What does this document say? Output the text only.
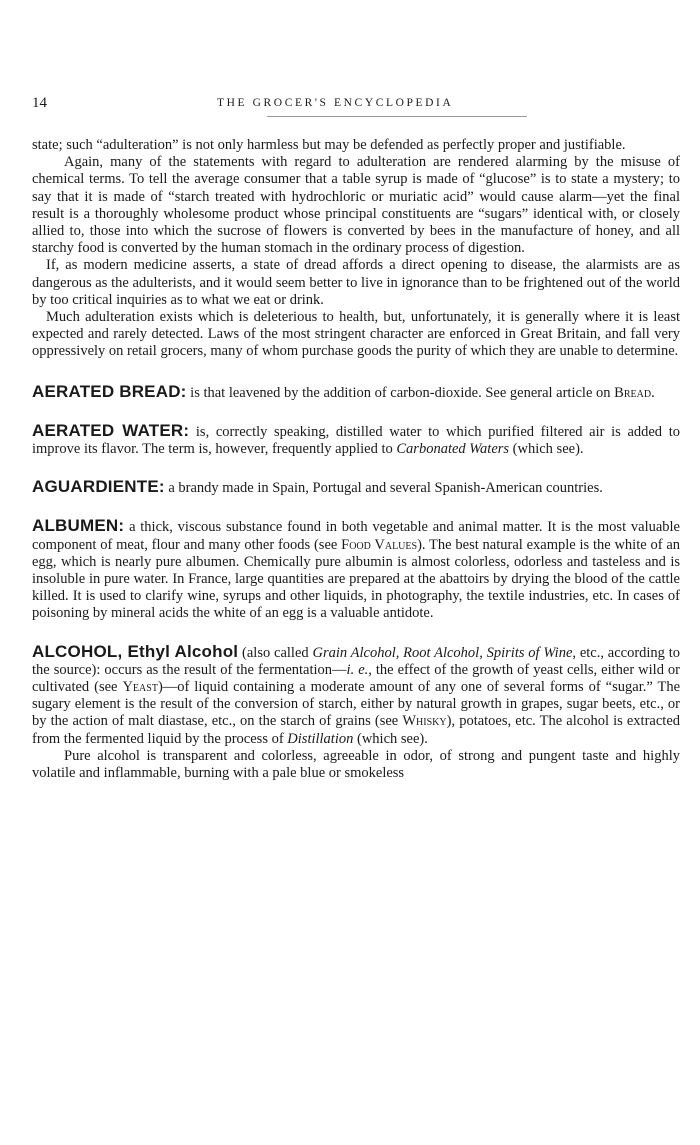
14	THE GROCER'S ENCYCLOPEDIA

state; such “adulteration” is not only harmless but may be defended as perfectly proper and justifiable.

Again, many of the statements with regard to adulteration are rendered alarming by the misuse of chemical terms. To tell the average consumer that a table syrup is made of “glucose” is to state a mystery; to say that it is made of “starch treated with hydrochloric or muriatic acid” would cause alarm—yet the final result is a thoroughly wholesome product whose principal constituents are “sugars” identical with, or closely allied to, those into which the sucrose of flowers is converted by bees in the manufacture of honey, and all starchy food is converted by the human stomach in the ordinary process of digestion.

If, as modern medicine asserts, a state of dread affords a direct opening to disease, the alarmists are as dangerous as the adulterists, and it would seem better to live in ignorance than to be frightened out of the world by too critical inquiries as to what we eat or drink.

Much adulteration exists which is deleterious to health, but, unfortunately, it is generally where it is least expected and rarely detected. Laws of the most stringent character are enforced in Great Britain, and fall very oppressively on retail grocers, many of whom purchase goods the purity of which they are unable to determine.

AERATED BREAD: is that leavened by the addition of carbon-dioxide. See general article on Bread.

AERATED WATER: is, correctly speaking, distilled water to which purified filtered air is added to improve its flavor. The term is, however, frequently applied to Carbonated Waters (which see).

AGUARDIENTE: a brandy made in Spain, Portugal and several Spanish-American countries.

ALBUMEN: a thick, viscous substance found in both vegetable and animal matter. It is the most valuable component of meat, flour and many other foods (see Food Values). The best natural example is the white of an egg, which is nearly pure albumen. Chemically pure albumin is almost colorless, odorless and tasteless and is insoluble in pure water. In France, large quantities are prepared at the abattoirs by drying the blood of the cattle killed. It is used to clarify wine, syrups and other liquids, in photography, the textile industries, etc. In cases of poisoning by mineral acids the white of an egg is a valuable antidote.

ALCOHOL, Ethyl Alcohol (also called Grain Alcohol, Root Alcohol, Spirits of Wine, etc., according to the source): occurs as the result of the fermentation—i. e., the effect of the growth of yeast cells, either wild or cultivated (see Yeast)—of liquid containing a moderate amount of any one of several forms of “sugar.” The sugary element is the result of the conversion of starch, either by natural growth in grapes, sugar beets, etc., or by the action of malt diastase, etc., on the starch of grains (see Whisky), potatoes, etc. The alcohol is extracted from the fermented liquid by the process of Distillation (which see).

Pure alcohol is transparent and colorless, agreeable in odor, of strong and pungent taste and highly volatile and inflammable, burning with a pale blue or smokeless
